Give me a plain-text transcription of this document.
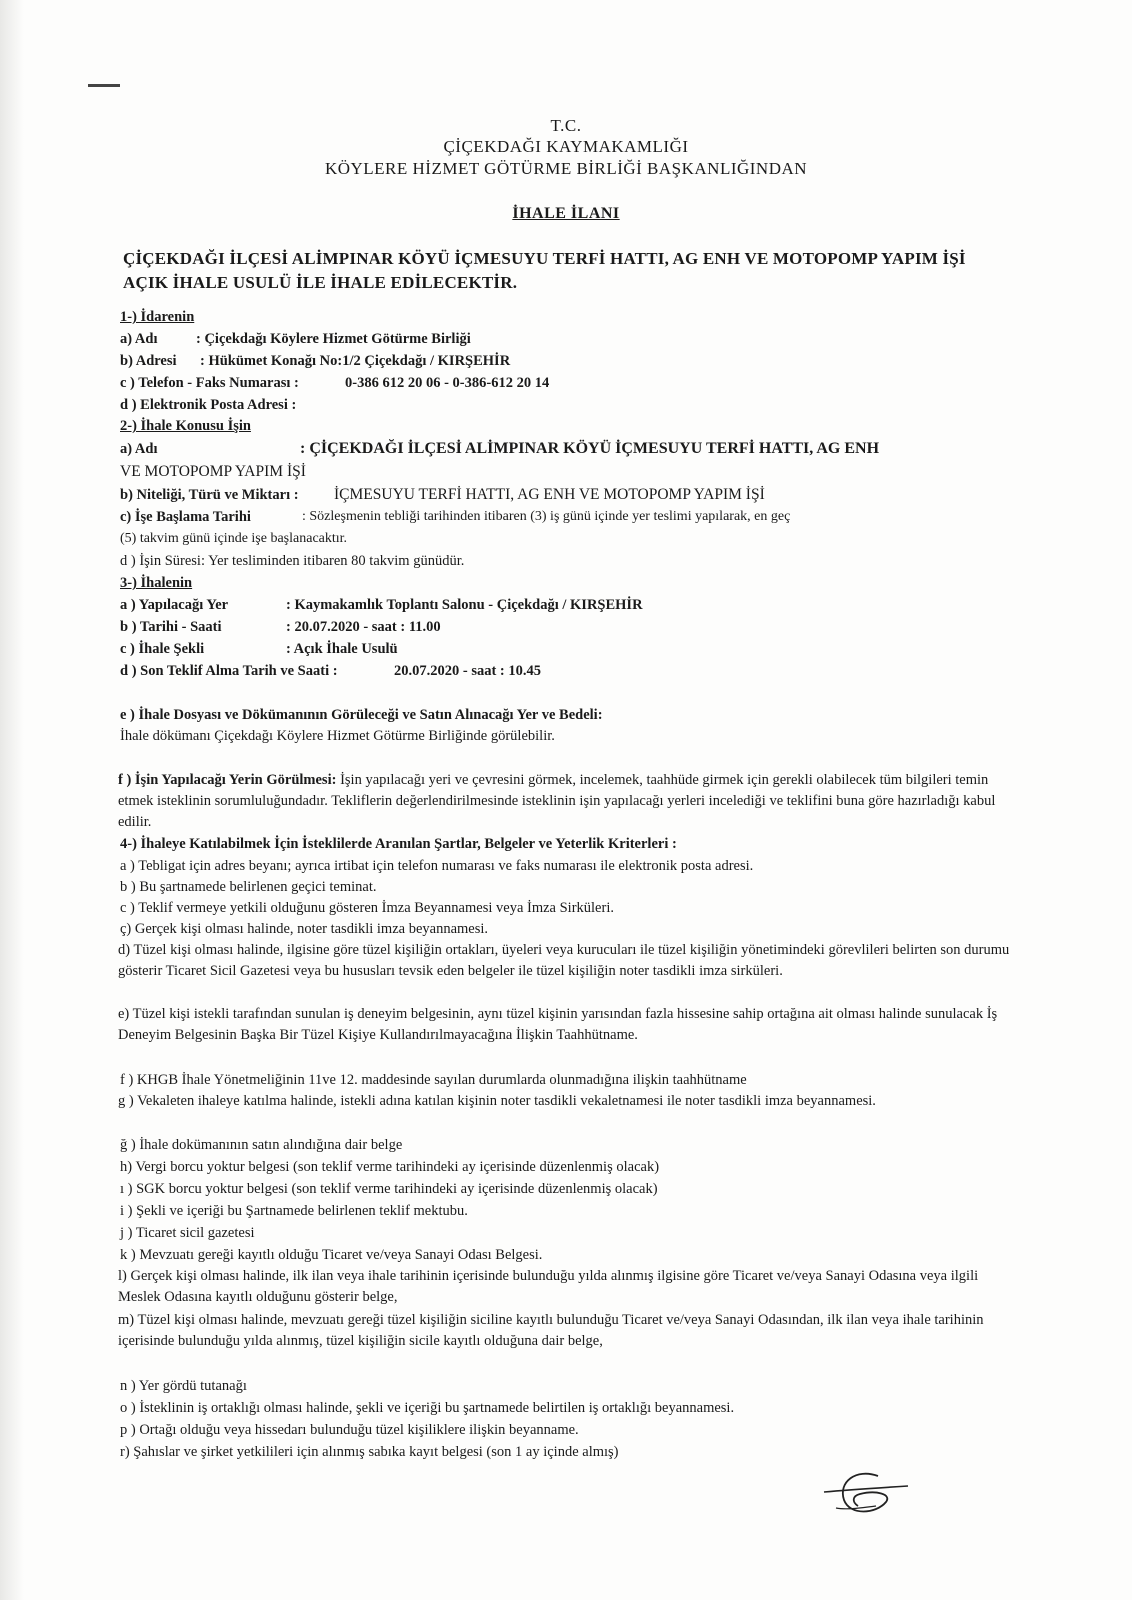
T.C.
ÇİÇEKDAĞI KAYMAKAMLIĞI
KÖYLERE HİZMET GÖTÜRME BİRLİĞİ BAŞKANLIĞINDAN
İHALE İLANI
ÇİÇEKDAĞI İLÇESİ ALİMPINAR KÖYÜ İÇMESUYU TERFİ HATTI, AG ENH VE MOTOPOMP YAPIM İŞİ AÇIK İHALE USULÜ İLE İHALE EDİLECEKTİR.
1-) İdarenin
a) Adı	: Çiçekdağı Köylere Hizmet Götürme Birliği
b) Adresi : Hükümet Konağı No:1/2 Çiçekdağı / KIRŞEHİR
c ) Telefon - Faks Numarası :	0-386 612 20 06 - 0-386-612 20 14
d ) Elektronik Posta Adresi :
2-) İhale Konusu İşin
a) Adı	: ÇİÇEKDAĞI İLÇESİ ALİMPINAR KÖYÜ İÇMESUYU TERFİ HATTI, AG ENH
VE MOTOPOMP YAPIM İŞİ
b) Niteliği, Türü ve Miktarı : İÇMESUYU TERFİ HATTI, AG ENH VE MOTOPOMP YAPIM İŞİ
c) İşe Başlama Tarihi	: Sözleşmenin tebliği tarihinden itibaren (3) iş günü içinde yer teslimi yapılarak, en geç
(5) takvim günü içinde işe başlanacaktır.
d ) İşin Süresi: Yer tesliminden itibaren 80 takvim günüdür.
3-) İhalenin
a ) Yapılacağı Yer	: Kaymakamlık Toplantı Salonu - Çiçekdağı / KIRŞEHİR
b ) Tarihi - Saati	: 20.07.2020 - saat : 11.00
c ) İhale Şekli	: Açık İhale Usulü
d ) Son Teklif Alma Tarih ve Saati :	20.07.2020 - saat : 10.45
e ) İhale Dosyası ve Dökümanının Görüleceği ve Satın Alınacağı Yer ve Bedeli:
İhale dökümanı Çiçekdağı Köylere Hizmet Götürme Birliğinde görülebilir.
f ) İşin Yapılacağı Yerin Görülmesi: İşin yapılacağı yeri ve çevresini görmek, incelemek, taahhüde girmek için gerekli olabilecek tüm bilgileri temin etmek isteklinin sorumluluğundadır. Tekliflerin değerlendirilmesinde isteklinin işin yapılacağı yerleri incelediği ve teklifini buna göre hazırladığı kabul edilir.
4-) İhaleye Katılabilmek İçin İsteklilerde Aranılan Şartlar, Belgeler ve Yeterlik Kriterleri :
a ) Tebligat için adres beyanı; ayrıca irtibat için telefon numarası ve faks numarası ile elektronik posta adresi.
b ) Bu şartnamede belirlenen geçici teminat.
c ) Teklif vermeye yetkili olduğunu gösteren İmza Beyannamesi veya İmza Sirküleri.
ç) Gerçek kişi olması halinde, noter tasdikli imza beyannamesi.
d) Tüzel kişi olması halinde, ilgisine göre tüzel kişiliğin ortakları, üyeleri veya kurucuları ile tüzel kişiliğin yönetimindeki görevlileri belirten son durumu gösterir Ticaret Sicil Gazetesi veya bu hususları tevsik eden belgeler ile tüzel kişiliğin noter tasdikli imza sirküleri.
e) Tüzel kişi istekli tarafından sunulan iş deneyim belgesinin, aynı tüzel kişinin yarısından fazla hissesine sahip ortağına ait olması halinde sunulacak İş Deneyim Belgesinin Başka Bir Tüzel Kişiye Kullandırılmayacağına İlişkin Taahhütname.
f ) KHGB İhale Yönetmeliğinin 11ve 12. maddesinde sayılan durumlarda olunmadığına ilişkin taahhütname
g ) Vekaleten ihaleye katılma halinde, istekli adına katılan kişinin noter tasdikli vekaletnamesi ile noter tasdikli imza beyannamesi.
ğ ) İhale dokümanının satın alındığına dair belge
h) Vergi borcu yoktur belgesi (son teklif verme tarihindeki ay içerisinde düzenlenmiş olacak)
ı ) SGK borcu yoktur belgesi (son teklif verme tarihindeki ay içerisinde düzenlenmiş olacak)
i ) Şekli ve içeriği bu Şartnamede belirlenen teklif mektubu.
j ) Ticaret sicil gazetesi
k ) Mevzuatı gereği kayıtlı olduğu Ticaret ve/veya Sanayi Odası Belgesi.
l) Gerçek kişi olması halinde, ilk ilan veya ihale tarihinin içerisinde bulunduğu yılda alınmış ilgisine göre Ticaret ve/veya Sanayi Odasına veya ilgili Meslek Odasına kayıtlı olduğunu gösterir belge,
m) Tüzel kişi olması halinde, mevzuatı gereği tüzel kişiliğin siciline kayıtlı bulunduğu Ticaret ve/veya Sanayi Odasından, ilk ilan veya ihale tarihinin içerisinde bulunduğu yılda alınmış, tüzel kişiliğin sicile kayıtlı olduğuna dair belge,
n ) Yer gördü tutanağı
o ) İsteklinin iş ortaklığı olması halinde, şekli ve içeriği bu şartnamede belirtilen iş ortaklığı beyannamesi.
p ) Ortağı olduğu veya hissedarı bulunduğu tüzel kişiliklere ilişkin beyanname.
r) Şahıslar ve şirket yetkilileri için alınmış sabıka kayıt belgesi (son 1 ay içinde almış)
